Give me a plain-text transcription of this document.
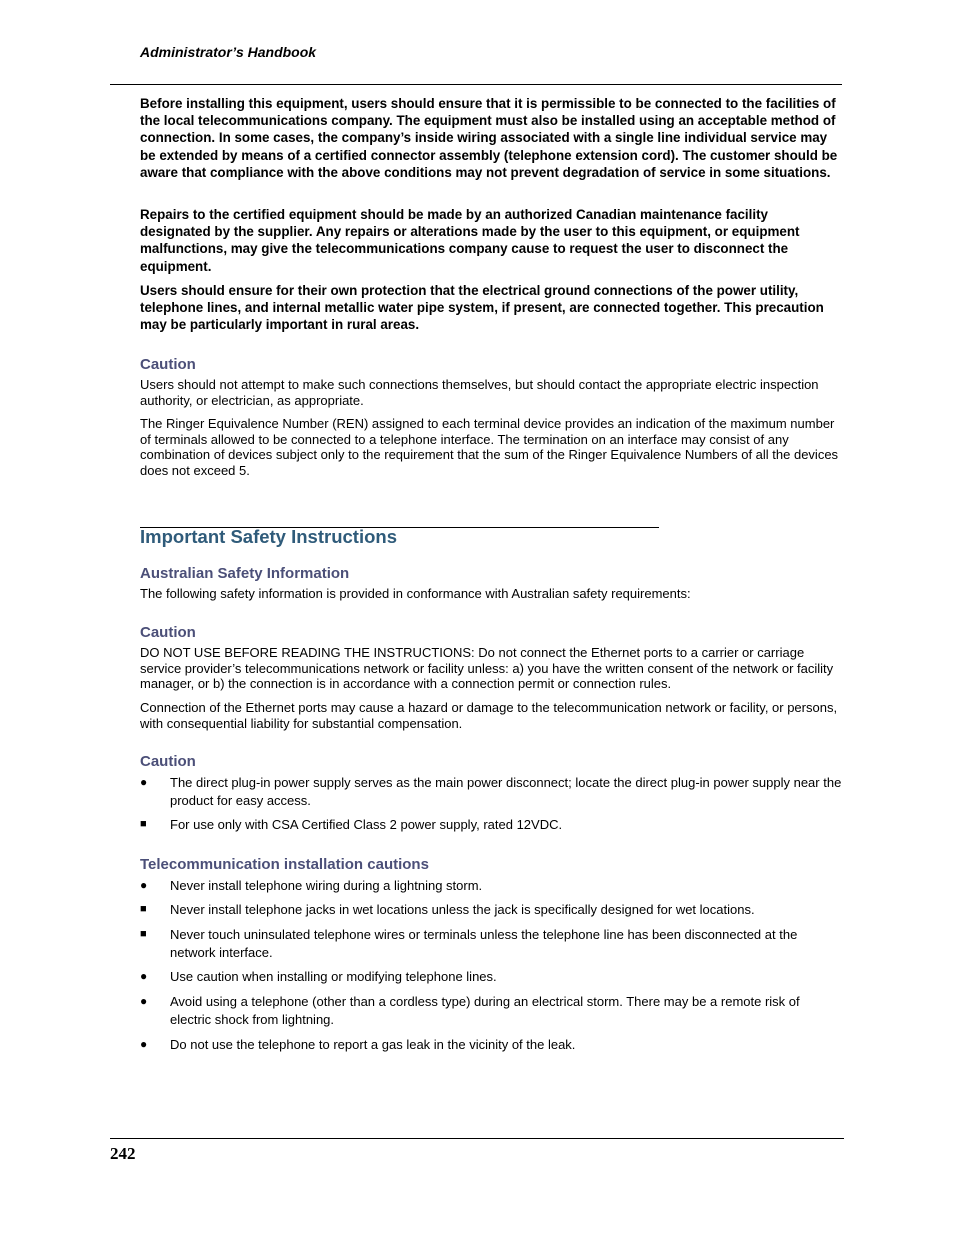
Administrator’s Handbook

Before installing this equipment, users should ensure that it is permissible to be connected to the facilities of the local telecommunications company. The equipment must also be installed using an acceptable method of connection. In some cases, the company’s inside wiring associated with a single line individual service may be extended by means of a certified connector assembly (telephone extension cord). The customer should be aware that compliance with the above conditions may not prevent degradation of service in some situations.

Repairs to the certified equipment should be made by an authorized Canadian maintenance facility designated by the supplier. Any repairs or alterations made by the user to this equipment, or equipment malfunctions, may give the telecommunications company cause to request the user to disconnect the equipment.

Users should ensure for their own protection that the electrical ground connections of the power utility, telephone lines, and internal metallic water pipe system, if present, are connected together. This precaution may be particularly important in rural areas.

Caution

Users should not attempt to make such connections themselves, but should contact the appropriate electric inspection authority, or electrician, as appropriate.

The Ringer Equivalence Number (REN) assigned to each terminal device provides an indication of the maximum number of terminals allowed to be connected to a telephone interface. The termination on an interface may consist of any combination of devices subject only to the requirement that the sum of the Ringer Equivalence Numbers of all the devices does not exceed 5.

Important Safety Instructions
Australian Safety Information

The following safety information is provided in conformance with Australian safety requirements:

Caution

DO NOT USE BEFORE READING THE INSTRUCTIONS: Do not connect the Ethernet ports to a carrier or carriage service provider’s telecommunications network or facility unless: a) you have the written consent of the network or facility manager, or b) the connection is in accordance with a connection permit or connection rules.

Connection of the Ethernet ports may cause a hazard or damage to the telecommunication network or facility, or persons, with consequential liability for substantial compensation.

Caution
●	The direct plug-in power supply serves as the main power disconnect; locate the direct plug-in power supply near the product for easy access.
■	For use only with CSA Certified Class 2 power supply, rated 12VDC.
Telecommunication installation cautions
●	Never install telephone wiring during a lightning storm.
■	Never install telephone jacks in wet locations unless the jack is specifically designed for wet locations.
■	Never touch uninsulated telephone wires or terminals unless the telephone line has been disconnected at the network interface.
●	Use caution when installing or modifying telephone lines.
●	Avoid using a telephone (other than a cordless type) during an electrical storm. There may be a remote risk of electric shock from lightning.
●	Do not use the telephone to report a gas leak in the vicinity of the leak.
242
